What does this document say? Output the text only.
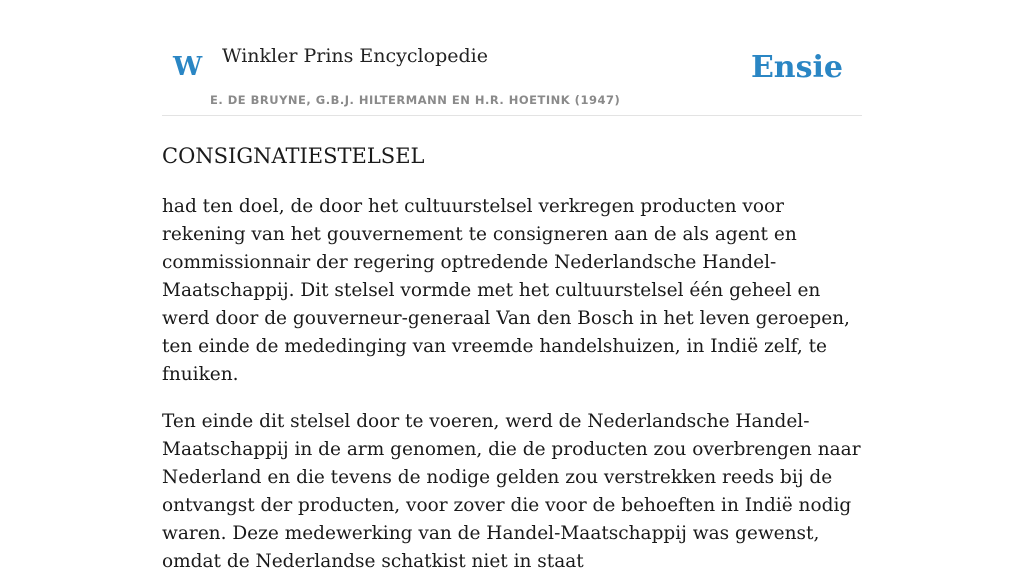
W Winkler Prins Encyclopedie
E. DE BRUYNE, G.B.J. HILTERMANN EN H.R. HOETINK (1947)
Ensie
CONSIGNATIESTELSEL

had ten doel, de door het cultuurstelsel verkregen producten voor rekening van het gouvernement te consigneren aan de als agent en commissionnair der regering optredende Nederlandsche Handel-Maatschappij. Dit stelsel vormde met het cultuurstelsel één geheel en werd door de gouverneur-generaal Van den Bosch in het leven geroepen, ten einde de mededinging van vreemde handelshuizen, in Indië zelf, te fnuiken.

Ten einde dit stelsel door te voeren, werd de Nederlandsche Handel-Maatschappij in de arm genomen, die de producten zou overbrengen naar Nederland en die tevens de nodige gelden zou verstrekken reeds bij de ontvangst der producten, voor zover die voor de behoeften in Indië nodig waren. Deze medewerking van de Handel-Maatschappij was gewenst, omdat de Nederlandse schatkist niet in staat
